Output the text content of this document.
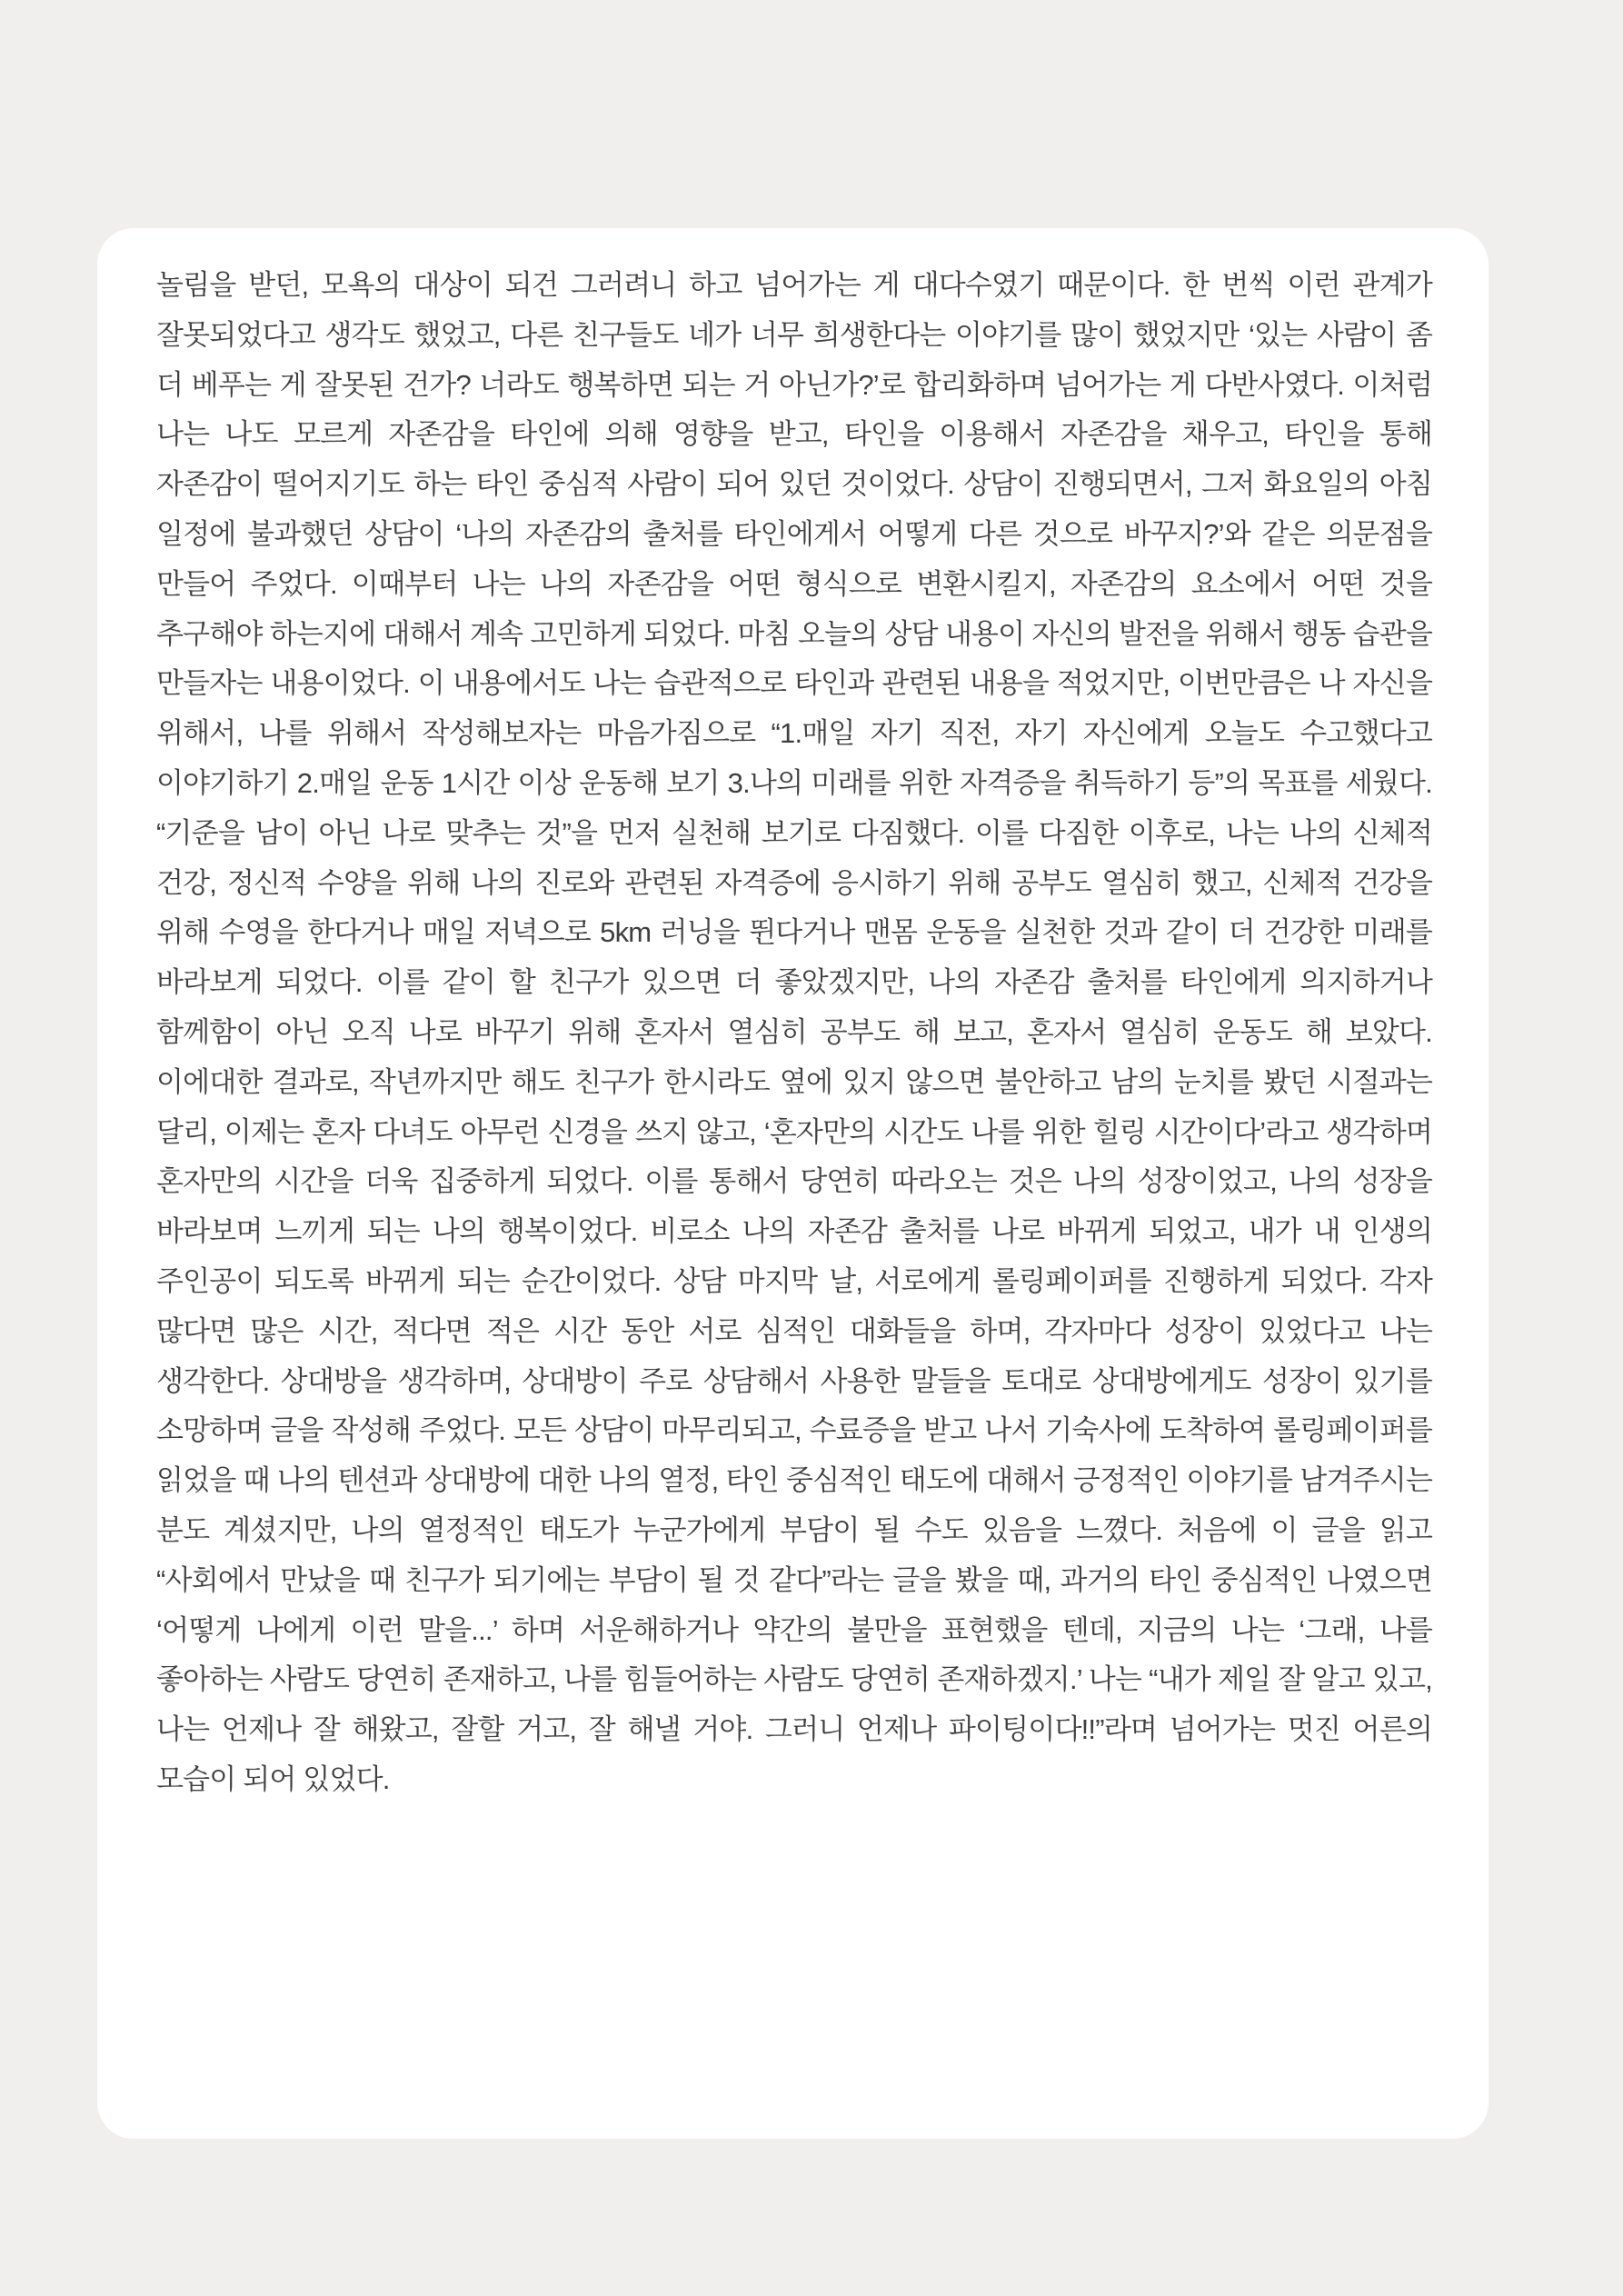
놀림을 받던, 모욕의 대상이 되건 그러려니 하고 넘어가는 게 대다수였기 때문이다. 한 번씩 이런 관계가 잘못되었다고 생각도 했었고, 다른 친구들도 네가 너무 희생한다는 이야기를 많이 했었지만 ‘있는 사람이 좀 더 베푸는 게 잘못된 건가? 너라도 행복하면 되는 거 아닌가?’로 합리화하며 넘어가는 게 다반사였다. 이처럼 나는 나도 모르게 자존감을 타인에 의해 영향을 받고, 타인을 이용해서 자존감을 채우고, 타인을 통해 자존감이 떨어지기도 하는 타인 중심적 사람이 되어 있던 것이었다. 상담이 진행되면서, 그저 화요일의 아침 일정에 불과했던 상담이 ‘나의 자존감의 출처를 타인에게서 어떻게 다른 것으로 바꾸지?’와 같은 의문점을 만들어 주었다. 이때부터 나는 나의 자존감을 어떤 형식으로 변환시킬지, 자존감의 요소에서 어떤 것을 추구해야 하는지에 대해서 계속 고민하게 되었다. 마침 오늘의 상담 내용이 자신의 발전을 위해서 행동 습관을 만들자는 내용이었다. 이 내용에서도 나는 습관적으로 타인과 관련된 내용을 적었지만, 이번만큼은 나 자신을 위해서, 나를 위해서 작성해보자는 마음가짐으로 “1.매일 자기 직전, 자기 자신에게 오늘도 수고했다고 이야기하기 2.매일 운동 1시간 이상 운동해 보기 3.나의 미래를 위한 자격증을 취득하기 등”의 목표를 세웠다. “기준을 남이 아닌 나로 맞추는 것”을 먼저 실천해 보기로 다짐했다. 이를 다짐한 이후로, 나는 나의 신체적 건강, 정신적 수양을 위해 나의 진로와 관련된 자격증에 응시하기 위해 공부도 열심히 했고, 신체적 건강을 위해 수영을 한다거나 매일 저녁으로 5km 러닝을 뛴다거나 맨몸 운동을 실천한 것과 같이 더 건강한 미래를 바라보게 되었다. 이를 같이 할 친구가 있으면 더 좋았겠지만, 나의 자존감 출처를 타인에게 의지하거나 함께함이 아닌 오직 나로 바꾸기 위해 혼자서 열심히 공부도 해 보고, 혼자서 열심히 운동도 해 보았다. 이에대한 결과로, 작년까지만 해도 친구가 한시라도 옆에 있지 않으면 불안하고 남의 눈치를 봤던 시절과는 달리, 이제는 혼자 다녀도 아무런 신경을 쓰지 않고, ‘혼자만의 시간도 나를 위한 힐링 시간이다’라고 생각하며 혼자만의 시간을 더욱 집중하게 되었다. 이를 통해서 당연히 따라오는 것은 나의 성장이었고, 나의 성장을 바라보며 느끼게 되는 나의 행복이었다. 비로소 나의 자존감 출처를 나로 바뀌게 되었고, 내가 내 인생의 주인공이 되도록 바뀌게 되는 순간이었다. 상담 마지막 날, 서로에게 롤링페이퍼를 진행하게 되었다. 각자 많다면 많은 시간, 적다면 적은 시간 동안 서로 심적인 대화들을 하며, 각자마다 성장이 있었다고 나는 생각한다. 상대방을 생각하며, 상대방이 주로 상담해서 사용한 말들을 토대로 상대방에게도 성장이 있기를 소망하며 글을 작성해 주었다. 모든 상담이 마무리되고, 수료증을 받고 나서 기숙사에 도착하여 롤링페이퍼를 읽었을 때 나의 텐션과 상대방에 대한 나의 열정, 타인 중심적인 태도에 대해서 긍정적인 이야기를 남겨주시는 분도 계셨지만, 나의 열정적인 태도가 누군가에게 부담이 될 수도 있음을 느꼈다. 처음에 이 글을 읽고 “사회에서 만났을 때 친구가 되기에는 부담이 될 것 같다”라는 글을 봤을 때, 과거의 타인 중심적인 나였으면 ‘어떻게 나에게 이런 말을...’ 하며 서운해하거나 약간의 불만을 표현했을 텐데, 지금의 나는 ‘그래, 나를 좋아하는 사람도 당연히 존재하고, 나를 힘들어하는 사람도 당연히 존재하겠지.’ 나는 “내가 제일 잘 알고 있고, 나는 언제나 잘 해왔고, 잘할 거고, 잘 해낼 거야. 그러니 언제나 파이팅이다!!”라며 넘어가는 멋진 어른의 모습이 되어 있었다.
